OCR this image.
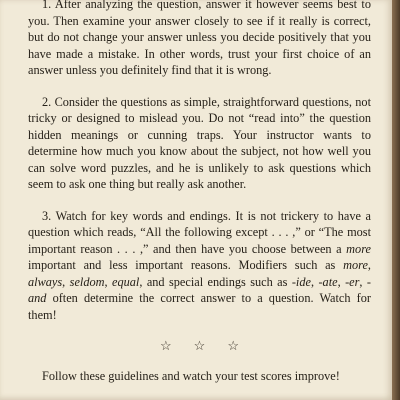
1. After analyzing the question, answer it however seems best to you. Then examine your answer closely to see if it really is correct, but do not change your answer unless you decide positively that you have made a mistake. In other words, trust your first choice of an answer unless you definitely find that it is wrong.

2. Consider the questions as simple, straightforward questions, not tricky or designed to mislead you. Do not “read into” the question hidden meanings or cunning traps. Your instructor wants to determine how much you know about the subject, not how well you can solve word puzzles, and he is unlikely to ask questions which seem to ask one thing but really ask another.

3. Watch for key words and endings. It is not trickery to have a question which reads, “All the following except . . . ,” or “The most important reason . . . ,” and then have you choose between a more important and less important reasons. Modifiers such as more, always, seldom, equal, and special endings such as -ide, -ate, -er, -and often determine the correct answer to a question. Watch for them!

☆ ☆ ☆

Follow these guidelines and watch your test scores improve!
